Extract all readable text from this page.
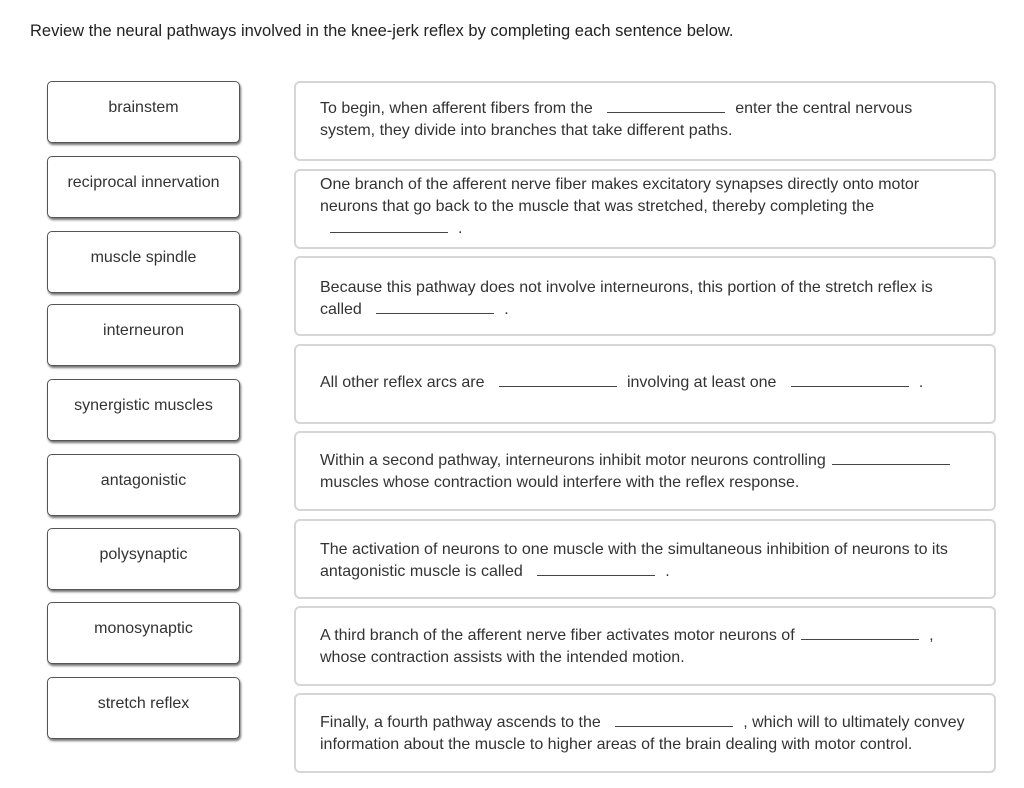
Review the neural pathways involved in the knee-jerk reflex by completing each sentence below.
brainstem
reciprocal innervation
muscle spindle
interneuron
synergistic muscles
antagonistic
polysynaptic
monosynaptic
stretch reflex
To begin, when afferent fibers from the	enter the central nervous system, they divide into branches that take different paths.
One branch of the afferent nerve fiber makes excitatory synapses directly onto motor neurons that go back to the muscle that was stretched, thereby completing the .
Because this pathway does not involve interneurons, this portion of the stretch reflex is called	.
All other reflex arcs are	involving at least one	.
Within a second pathway, interneurons inhibit motor neurons controlling muscles whose contraction would interfere with the reflex response.
The activation of neurons to one muscle with the simultaneous inhibition of neurons to its antagonistic muscle is called	.
A third branch of the afferent nerve fiber activates motor neurons of	, whose contraction assists with the intended motion.
Finally, a fourth pathway ascends to the	, which will to ultimately convey information about the muscle to higher areas of the brain dealing with motor control.
